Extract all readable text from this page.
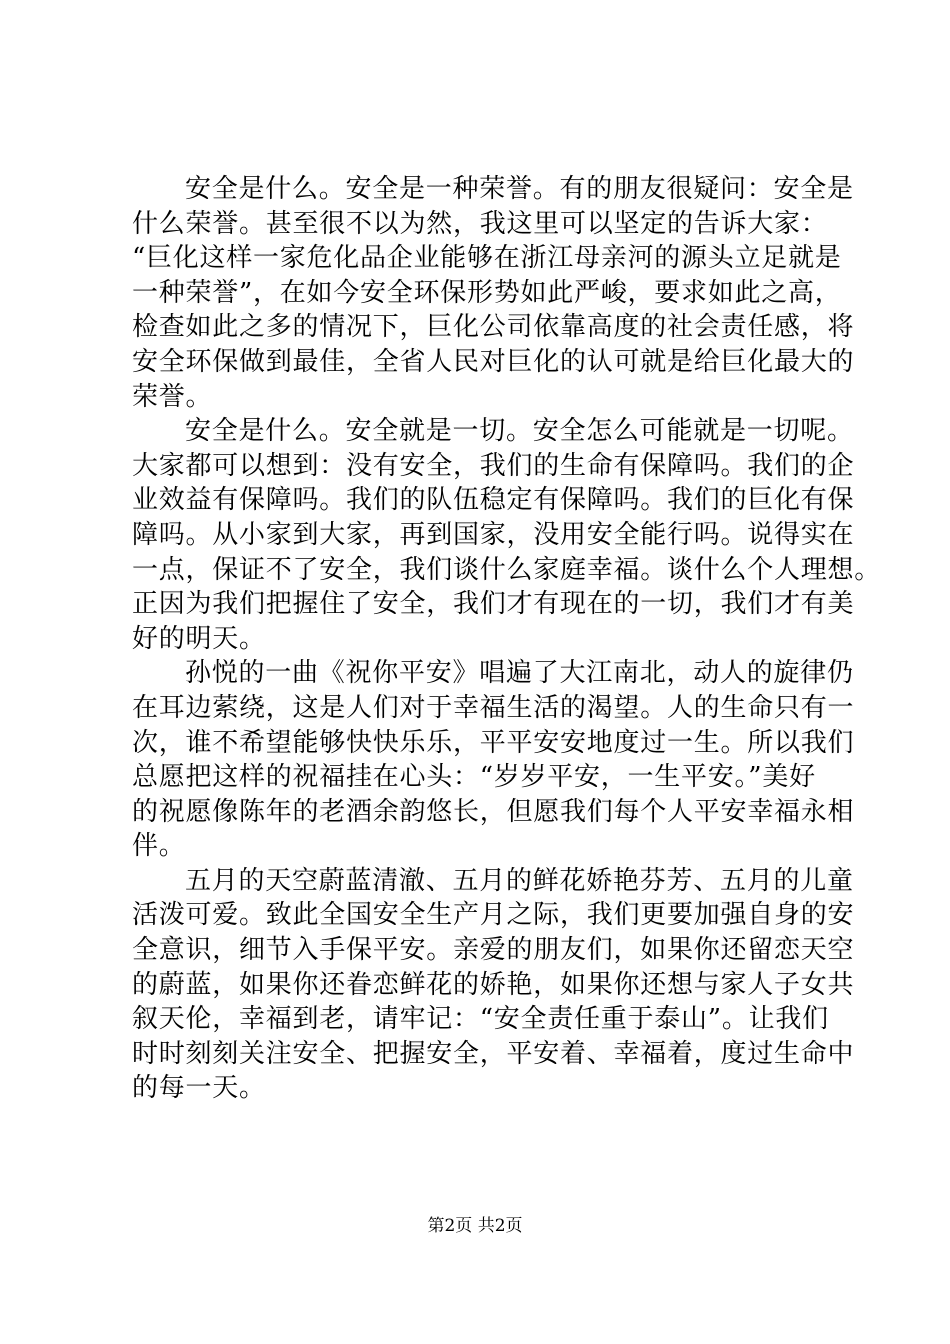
安全是什么。安全是一种荣誉。有的朋友很疑问：安全是
什么荣誉。甚至很不以为然，我这里可以坚定的告诉大家：
“巨化这样一家危化品企业能够在浙江母亲河的源头立足就是
一种荣誉”，在如今安全环保形势如此严峻，要求如此之高，
检查如此之多的情况下，巨化公司依靠高度的社会责任感，将
安全环保做到最佳，全省人民对巨化的认可就是给巨化最大的
荣誉。
安全是什么。安全就是一切。安全怎么可能就是一切呢。
大家都可以想到：没有安全，我们的生命有保障吗。我们的企
业效益有保障吗。我们的队伍稳定有保障吗。我们的巨化有保
障吗。从小家到大家，再到国家，没用安全能行吗。说得实在
一点，保证不了安全，我们谈什么家庭幸福。谈什么个人理想。
正因为我们把握住了安全，我们才有现在的一切，我们才有美
好的明天。
孙悦的一曲《祝你平安》唱遍了大江南北，动人的旋律仍
在耳边萦绕，这是人们对于幸福生活的渴望。人的生命只有一
次，谁不希望能够快快乐乐，平平安安地度过一生。所以我们
总愿把这样的祝福挂在心头：“岁岁平安，一生平安。”美好
的祝愿像陈年的老酒余韵悠长，但愿我们每个人平安幸福永相
伴。
五月的天空蔚蓝清澈、五月的鲜花娇艳芬芳、五月的儿童
活泼可爱。致此全国安全生产月之际，我们更要加强自身的安
全意识，细节入手保平安。亲爱的朋友们，如果你还留恋天空
的蔚蓝，如果你还眷恋鲜花的娇艳，如果你还想与家人子女共
叙天伦，幸福到老，请牢记：“安全责任重于泰山”。让我们
时时刻刻关注安全、把握安全，平安着、幸福着，度过生命中
的每一天。
第2页 共2页
